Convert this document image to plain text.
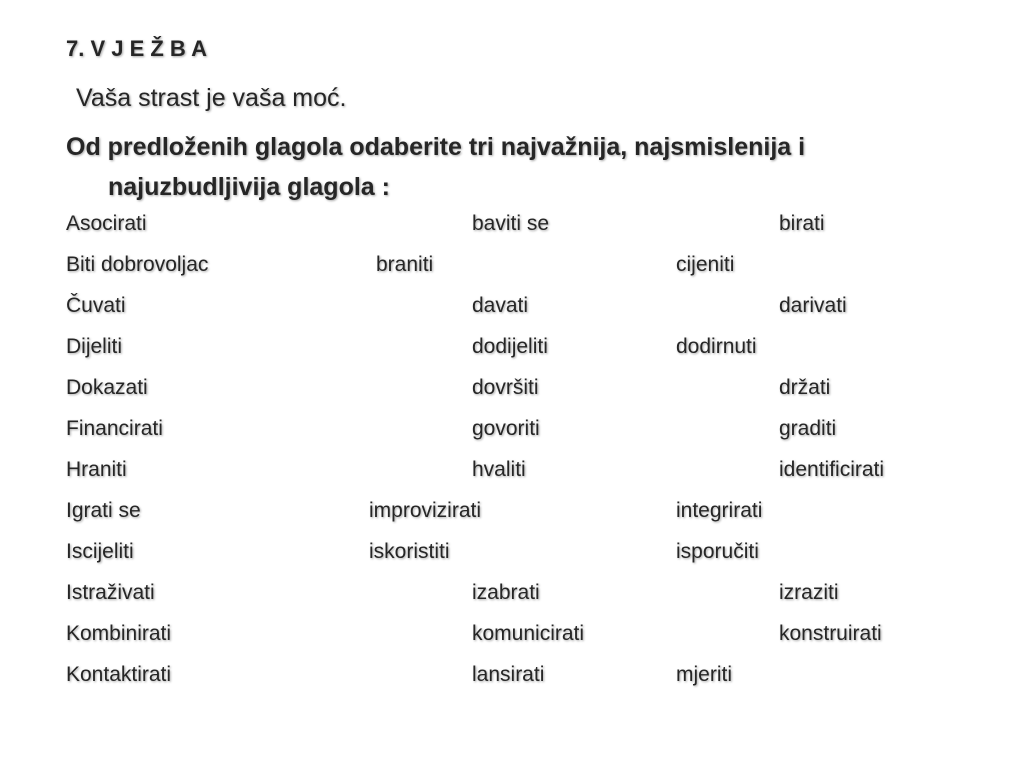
7. V J E Ž B A
Vaša strast je vaša moć.
Od predloženih glagola odaberite tri najvažnija, najsmislenija i
najuzbudljivija glagola :
Asocirati	baviti se	birati
Biti dobrovoljac	braniti	cijeniti
Čuvati	davati	darivati
Dijeliti	dodijeliti	dodirnuti
Dokazati	dovršiti	držati
Financirati	govoriti	graditi
Hraniti	hvaliti	identificirati
Igrati se	improvizirati	integrirati
Iscijeliti	iskoristiti	isporučiti
Istraživati	izabrati	izraziti
Kombinirati	komunicirati	konstruirati
Kontaktirati	lansirati	mjeriti
